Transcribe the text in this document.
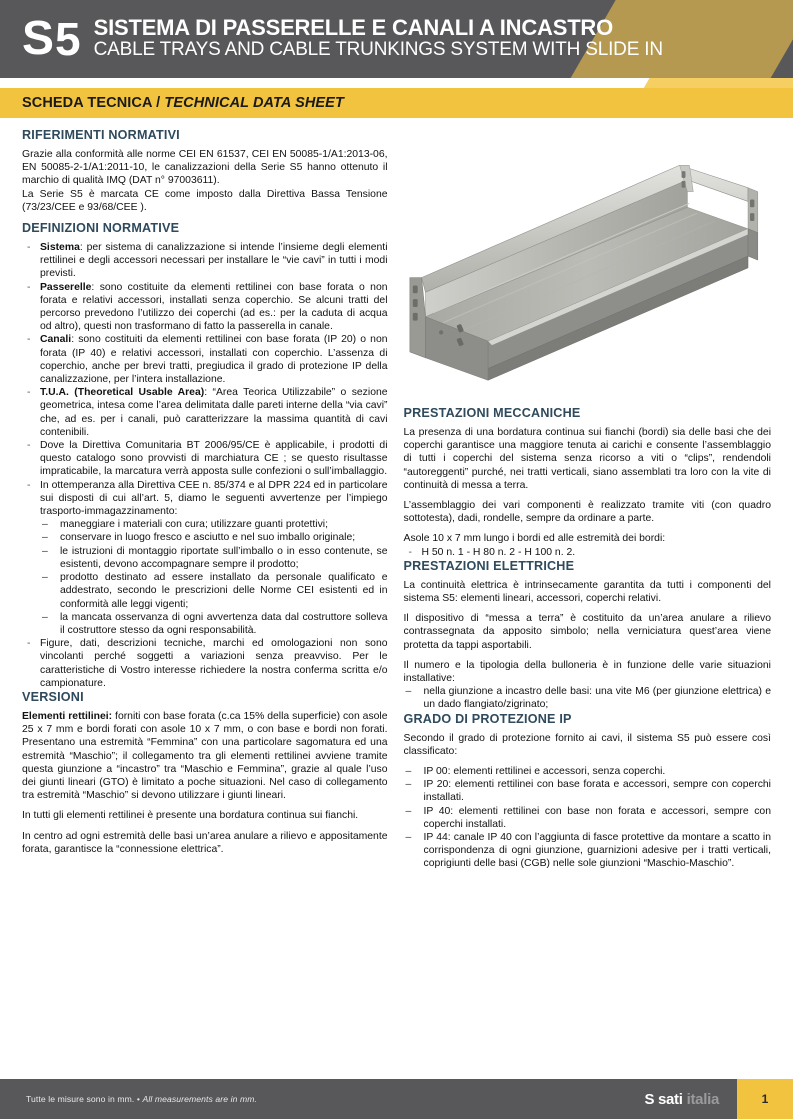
S 5 SISTEMA DI PASSERELLE E CANALI A INCASTRO
CABLE TRAYS AND CABLE TRUNKINGS SYSTEM WITH SLIDE IN
SCHEDA TECNICA / TECHNICAL DATA SHEET
RIFERIMENTI NORMATIVI

Grazie alla conformità alle norme CEI EN 61537, CEI EN 50085-1/A1:2013-06, EN 50085-2-1/A1:2011-10, le canalizzazioni della Serie S5 hanno ottenuto il marchio di qualità IMQ (DAT n° 97003611).

La Serie S5 è marcata CE come imposto dalla Direttiva Bassa Tensione (73/23/CEE e 93/68/CEE ).

DEFINIZIONI NORMATIVE
- Sistema: per sistema di canalizzazione si intende l’insieme degli elementi rettilinei e degli accessori necessari per installare le “vie cavi” in tutti i modi previsti.
- Passerelle: sono costituite da elementi rettilinei con base forata o non forata e relativi accessori, installati senza coperchio. Se alcuni tratti del percorso prevedono l’utilizzo dei coperchi (ad es.: per la caduta di acqua od altro), questi non trasformano di fatto la passerella in canale.
- Canali: sono costituiti da elementi rettilinei con base forata (IP 20) o non forata (IP 40) e relativi accessori, installati con coperchio. L’assenza di coperchio, anche per brevi tratti, pregiudica il grado di protezione IP della canalizzazione, per l’intera installazione.
- T.U.A. (Theoretical Usable Area): “Area Teorica Utilizzabile” o sezione geometrica, intesa come l’area delimitata dalle pareti interne della “via cavi” che, ad es. per i canali, può caratterizzare la massima quantità di cavi contenibili.
- Dove la Direttiva Comunitaria BT 2006/95/CE è applicabile, i prodotti di questo catalogo sono provvisti di marchiatura CE ; se questo risultasse impraticabile, la marcatura verrà apposta sulle confezioni o sull’imballaggio.
- In ottemperanza alla Direttiva CEE n. 85/374 e al DPR 224 ed in particolare sui disposti di cui all’art. 5, diamo le seguenti avvertenze per l’impiego trasporto-immagazzinamento:
– maneggiare i materiali con cura; utilizzare guanti protettivi;
– conservare in luogo fresco e asciutto e nel suo imballo originale;
– le istruzioni di montaggio riportate sull’imballo o in esso contenute, se esistenti, devono accompagnare sempre il prodotto;
– prodotto destinato ad essere installato da personale qualificato e addestrato, secondo le prescrizioni delle Norme CEI esistenti ed in conformità alle leggi vigenti;
– la mancata osservanza di ogni avvertenza data dal costruttore solleva il costruttore stesso da ogni responsabilità.
- Figure, dati, descrizioni tecniche, marchi ed omologazioni non sono vincolanti perché soggetti a variazioni senza preavviso. Per le caratteristiche di Vostro interesse richiedere la nostra conferma scritta e/o campionature.
VERSIONI

Elementi rettilinei: forniti con base forata (c.ca 15% della superficie) con asole 25 x 7 mm e bordi forati con asole 10 x 7 mm, o con base e bordi non forati. Presentano una estremità “Femmina” con una particolare sagomatura ed una estremità “Maschio”; il collegamento tra gli elementi rettilinei avviene tramite questa giunzione a “incastro” tra “Maschio e Femmina”, grazie al quale l’uso dei giunti lineari (GTO) è limitato a poche situazioni. Nel caso di collegamento tra estremità “Maschio” si devono utilizzare i giunti lineari.

In tutti gli elementi rettilinei è presente una bordatura continua sui fianchi.

In centro ad ogni estremità delle basi un’area anulare a rilievo e appositamente forata, garantisce la “connessione elettrica”.

PRESTAZIONI MECCANICHE

La presenza di una bordatura continua sui fianchi (bordi) sia delle basi che dei coperchi garantisce una maggiore tenuta ai carichi e consente l’assemblaggio di tutti i coperchi del sistema senza ricorso a viti o “clips”, rendendoli “autoreggenti” purché, nei tratti verticali, siano assemblati tra loro con la vite di continuità di messa a terra.

L’assemblaggio dei vari componenti è realizzato tramite viti (con quadro sottotesta), dadi, rondelle, sempre da ordinare a parte.

Asole 10 x 7 mm lungo i bordi ed alle estremità dei bordi:

- H 50 n. 1 - H 80 n. 2 - H 100 n. 2.
PRESTAZIONI ELETTRICHE

La continuità elettrica è intrinsecamente garantita da tutti i componenti del sistema S5: elementi lineari, accessori, coperchi relativi.

Il dispositivo di “messa a terra” è costituito da un’area anulare a rilievo contrassegnata da apposito simbolo; nella verniciatura quest’area viene protetta da tappi asportabili.

Il numero e la tipologia della bulloneria è in funzione delle varie situazioni installative:

– nella giunzione a incastro delle basi: una vite M6 (per giunzione elettrica) e un dado flangiato/zigrinato;
GRADO DI PROTEZIONE IP

Secondo il grado di protezione fornito ai cavi, il sistema S5 può essere così classificato:

– IP 00: elementi rettilinei e accessori, senza coperchi.
– IP 20: elementi rettilinei con base forata e accessori, sempre con coperchi installati.
– IP 40: elementi rettilinei con base non forata e accessori, sempre con coperchi installati.
– IP 44: canale IP 40 con l’aggiunta di fasce protettive da montare a scatto in corrispondenza di ogni giunzione, guarnizioni adesive per i tratti verticali, coprigiunti delle basi (CGB) nelle sole giunzioni “Maschio-Maschio”.
Tutte le misure sono in mm. • All measurements are in mm.	S sati italia	1
